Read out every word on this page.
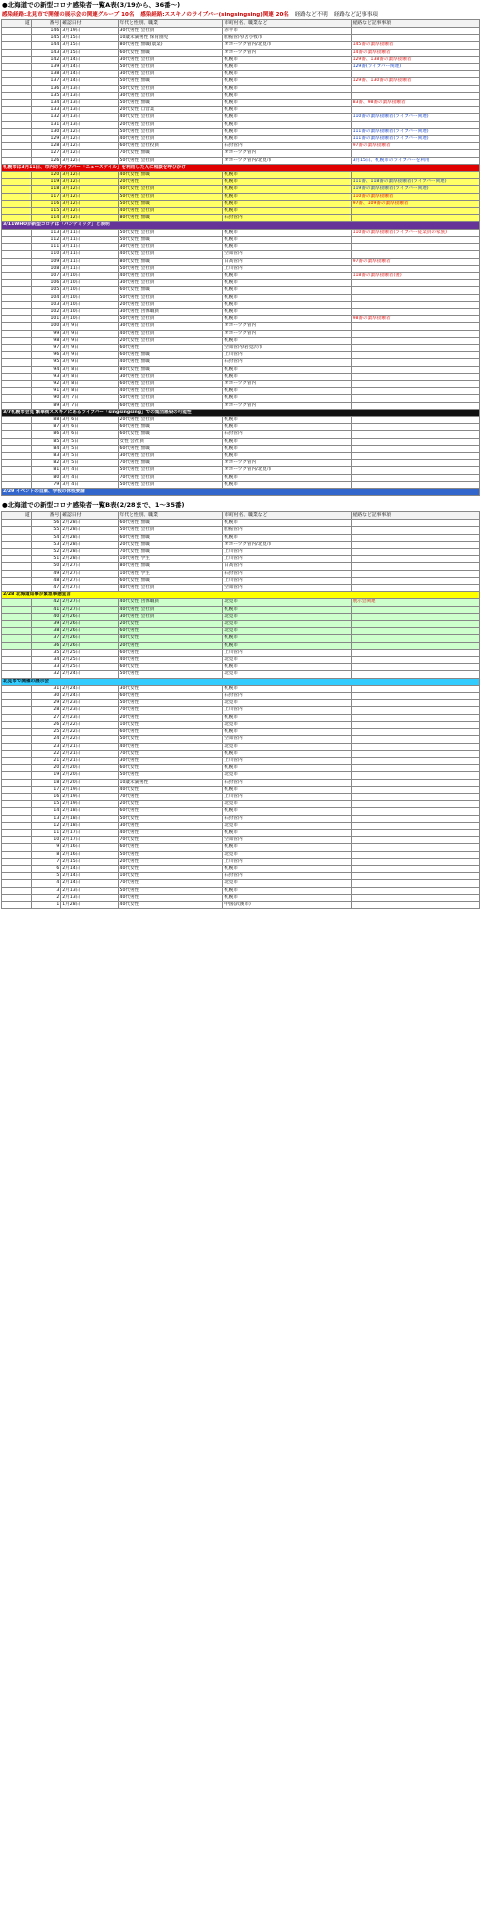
●北海道での新型コロナ感染者一覧A表(3/19から、36番〜)
感染経路:北見市で開催の展示会の関連グループ 10名 感染経路:ススキノのライブバー(singsingsing)関連 20名 経路など不明 経路など記事事項
道	番号	確認日付	年代と性別、職業	市町村名、職業など	経路など記事事項
	146	3月19日	30代男性 会社員	赤平市	
	145	3月15日	10歳未満男性 保育園児	胆振管内/苫小牧市	
	144	3月15日	80代男性 無職(農業)	オホーツク管内/北見市	145番の濃厚接触者
	143	3月15日	60代女性 無職	オホーツク管内	14番の濃厚接触者
	142	3月14日	30代男性 会社員	札幌市	129番、138番の濃厚接触者
	139	3月14日	50代男性 会社員	札幌市	129番(ライブバー関連)
	138	3月14日	30代男性 会社員	札幌市	
	137	3月14日	50代男性 無職	札幌市	129番、130番の濃厚接触者
	136	3月13日	50代女性 会社員	札幌市	
	135	3月13日	30代男性 会社員	札幌市	
	134	3月13日	50代男性 無職	札幌市	83番、98番の濃厚接触者
	133	3月13日	20代女性 自営業	札幌市	
	132	3月13日	40代女性 会社員	札幌市	110番の濃厚接触者(ライブバー関連)
	131	3月13日	20代男性 会社員	札幌市	
	130	3月12日	50代男性 会社員	札幌市	111番の濃厚接触者(ライブバー関連)
	129	3月12日	40代男性 会社員	札幌市	111番の濃厚接触者(ライブバー関連)
	128	3月12日	60代男性 会社役員	石狩管内	97番の濃厚接触者
	127	3月12日	70代女性 無職	オホーツク管内	
	126	3月12日	50代男性 会社員	オホーツク管内/北見市	3月15日、札幌市のライブバーを利用
札幌市は3月11日、市内のライブバー「ニューステイル」を利用した人に相談を呼びかけ					
	120	3月12日	40代女性 無職	札幌市	
	119	3月12日	20代男性	札幌市	111番、118番の濃厚接触者(ライブバー関連)
	118	3月12日	40代女性 会社員	札幌市	119番の濃厚接触者(ライブバー関連)
	117	3月12日	50代男性 会社員	札幌市	110番の濃厚接触者
	116	3月12日	50代女性 無職	札幌市	97番、109番の濃厚接触者
	115	3月12日	40代男性 会社員	札幌市	
	114	3月12日	80代男性 無職	石狩管内	
3/11WHOが新型コロナは「パンデミック」と表明					
	113	3月11日	50代女性 会社員	札幌市	110番の濃厚接触者(ライブバー従業員の家族)
	112	3月11日	50代女性 無職	札幌市	
	111	3月11日	30代男性 会社員	札幌市	
	110	3月11日	40代女性 会社員	空知管内	
	109	3月11日	80代女性 無職	日高管内	97番の濃厚接触者
	108	3月11日	50代男性 会社員	上川管内	
	107	3月10日	40代男性 会社員	札幌市	118番の濃厚接触者(妻)
	106	3月10日	30代男性 会社員	札幌市	
	105	3月10日	60代女性 無職	札幌市	
	104	3月10日	50代男性 会社員	札幌市	
	103	3月10日	20代男性 会社員	札幌市	
	102	3月10日	30代男性 団体職員	札幌市	
	101	3月10日	50代男性 会社員	札幌市	98番の濃厚接触者
	100	3月 9日	30代男性 会社員	オホーツク管内	
	99	3月 9日	40代男性 会社員	オホーツク管内	
	98	3月 9日	20代女性 会社員	札幌市	
	97	3月 9日	60代男性	空知管内/岩見沢市	
	96	3月 9日	60代男性 無職	上川管内	
	95	3月 9日	40代男性 無職	石狩管内	
	94	3月 8日	80代女性 無職	札幌市	
	93	3月 8日	30代男性 会社員	札幌市	
	92	3月 8日	60代男性 会社員	オホーツク管内	
	91	3月 8日	40代男性 会社員	札幌市	
	90	3月 7日	50代男性 会社員	札幌市	
	89	3月 7日	60代男性 会社員	オホーツク管内	
3/7札幌市会見 繁華街ススキノにあるライブバー「singsingsing」での集団感染の可能性					
	88	3月 6日	20代男性 会社員	札幌市	
	87	3月 6日	60代男性 無職	札幌市	
	86	3月 6日	60代女性 無職	石狩管内	
	85	3月 5日	女性 会社員	札幌市	
	84	3月 5日	60代男性 無職	札幌市	
	83	3月 5日	30代男性 会社員	札幌市	
	82	3月 5日	70代男性 無職	オホーツク管内	
	81	3月 4日	50代男性 会社員	オホーツク管内/北見市	
	80	3月 4日	70代男性 会社員	札幌市	
	79	3月 4日	50代男性 会社員	札幌市	
2/29 イベントの自粛、学校の休校要請					
●北海道での新型コロナ感染者一覧B表(2/28まで、1〜35番)
道	番号	確認日付	年代と性別、職業	市町村名、職業など	経路など記事事項
	56	2月28日	60代男性 無職	札幌市	
	55	2月28日	50代男性 会社員	胆振管内	
	54	2月28日	60代男性 無職	札幌市	
	53	2月28日	20代女性 無職	オホーツク管内/北見市	
	52	2月28日	70代女性 無職	上川管内	
	51	2月28日	10代男性 学生	上川管内	
	50	2月27日	80代男性 無職	日高管内	
	49	2月27日	10代男性 学生	石狩管内	
	48	2月27日	60代女性 無職	上川管内	
	47	2月27日	40代男性 会社員	空知管内	
2/28 北海道知事が緊急事態宣言					
	42	2月27日	40代女性 団体職員	北見市	展示会関連
	41	2月27日	40代男性 会社員	札幌市	
	40	2月26日	30代男性 会社員	北見市	
	39	2月26日	20代女性	北見市	
	38	2月26日	60代男性	北見市	
	37	2月26日	40代女性	札幌市	
	36	2月26日	20代男性	札幌市	
	35	2月25日	60代男性	上川管内	
	34	2月25日	40代男性	北見市	
	33	2月25日	60代女性	札幌市	
	32	2月24日	50代男性	北見市	
北見市で開催の展示会					
	31	2月24日	30代女性	札幌市	
	30	2月24日	60代男性	石狩管内	
	29	2月23日	50代男性	北見市	
	28	2月23日	70代男性	上川管内	
	27	2月23日	20代男性	札幌市	
	26	2月22日	10代女性	北見市	
	25	2月22日	60代男性	札幌市	
	24	2月22日	50代女性	空知管内	
	23	2月21日	40代男性	北見市	
	22	2月21日	70代女性	札幌市	
	21	2月21日	30代男性	上川管内	
	20	2月20日	60代女性	札幌市	
	19	2月20日	50代男性	北見市	
	18	2月20日	10歳未満男性	石狩管内	
	17	2月19日	40代女性	札幌市	
	16	2月19日	70代男性	上川管内	
	15	2月19日	20代女性	北見市	
	14	2月18日	60代男性	札幌市	
	13	2月18日	50代女性	石狩管内	
	12	2月18日	30代男性	北見市	
	11	2月17日	40代男性	札幌市	
	10	2月17日	70代女性	空知管内	
	9	2月16日	60代男性	札幌市	
	8	2月16日	50代男性	北見市	
	7	2月15日	20代男性	上川管内	
	6	2月14日	40代女性	札幌市	
	5	2月14日	10代女性	石狩管内	
	4	2月14日	70代男性	北見市	
	3	2月13日	50代男性	札幌市	
	2	2月13日	40代男性	札幌市	
	1	1月28日	40代女性	中国(武漢市)	
